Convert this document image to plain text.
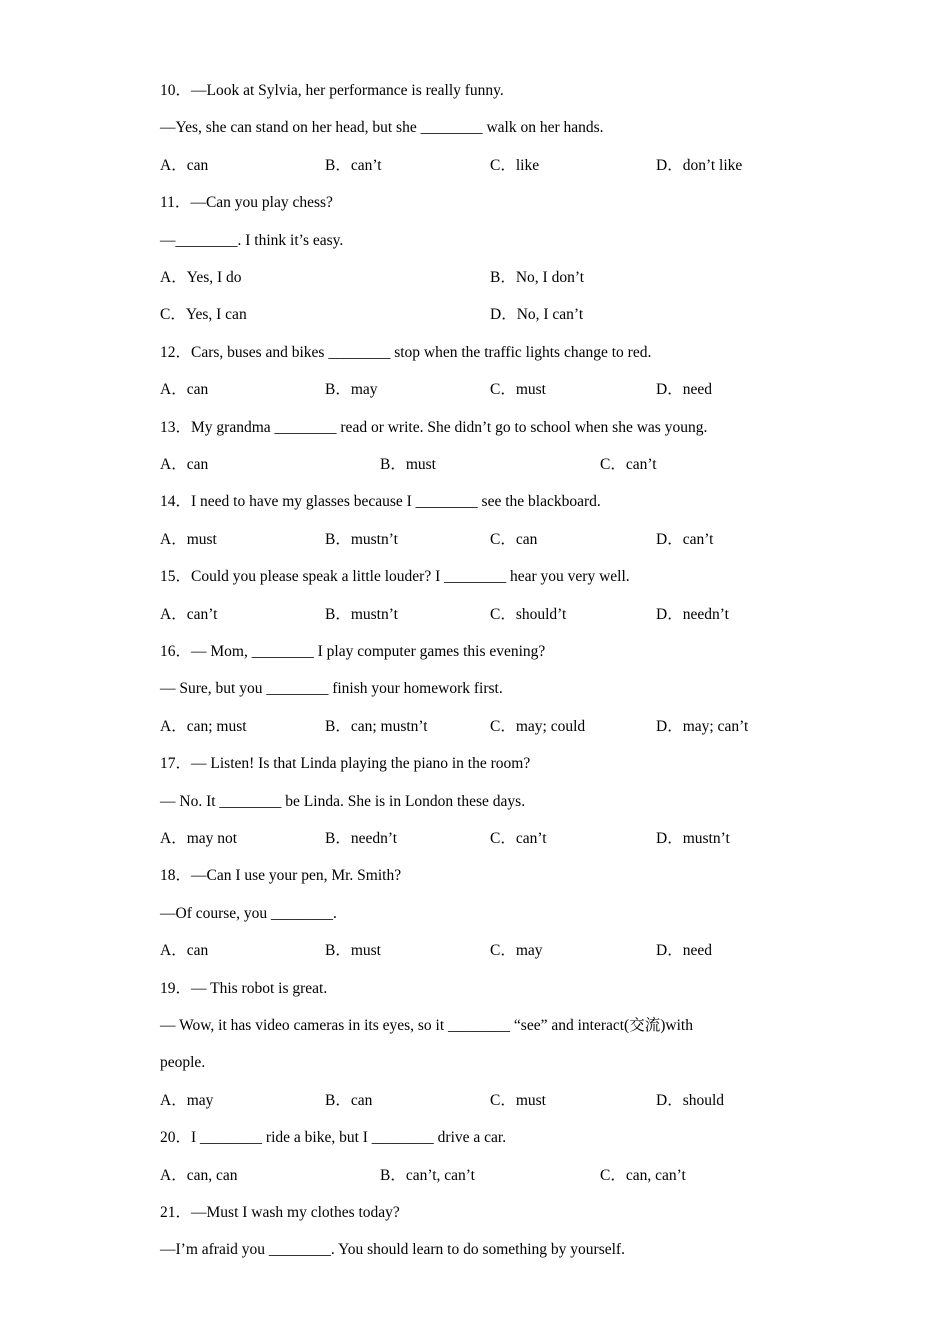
10．—Look at Sylvia, her performance is really funny.
—Yes, she can stand on her head, but she ________ walk on her hands.
A．can	B．can’t	C．like	D．don’t like
11．—Can you play chess?
—________. I think it’s easy.
A．Yes, I do	B．No, I don’t
C．Yes, I can	D．No, I can’t
12．Cars, buses and bikes ________ stop when the traffic lights change to red.
A．can	B．may	C．must	D．need
13．My grandma ________ read or write. She didn’t go to school when she was young.
A．can	B．must	C．can’t
14．I need to have my glasses because I ________ see the blackboard.
A．must	B．mustn’t	C．can	D．can’t
15．Could you please speak a little louder? I ________ hear you very well.
A．can’t	B．mustn’t	C．should’t	D．needn’t
16．— Mom, ________ I play computer games this evening?
— Sure, but you ________ finish your homework first.
A．can; must	B．can; mustn’t	C．may; could	D．may; can’t
17．— Listen! Is that Linda playing the piano in the room?
— No. It ________ be Linda. She is in London these days.
A．may not	B．needn’t	C．can’t	D．mustn’t
18．—Can I use your pen, Mr. Smith?
—Of course, you ________.
A．can	B．must	C．may	D．need
19．— This robot is great.
— Wow, it has video cameras in its eyes, so it ________ “see” and interact(交流)with
people.
A．may	B．can	C．must	D．should
20．I ________ ride a bike, but I ________ drive a car.
A．can, can	B．can’t, can’t	C．can, can’t
21．—Must I wash my clothes today?
—I’m afraid you ________. You should learn to do something by yourself.
